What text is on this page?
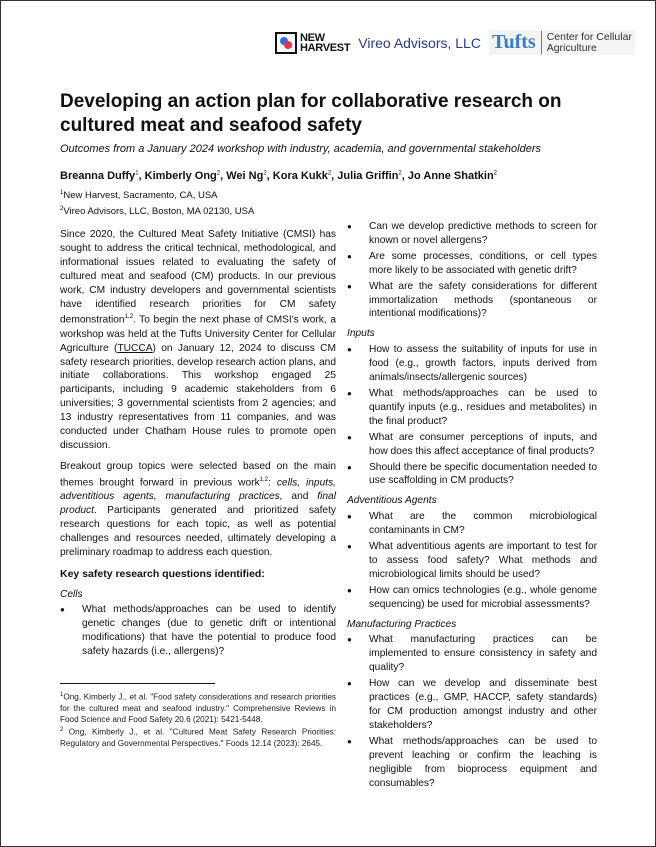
NEW
HARVEST Vireo Advisors, LLC Tufts	Center for Cellular
Agriculture
Developing an action plan for collaborative research on cultured meat and seafood safety
Outcomes from a January 2024 workshop with industry, academia, and governmental stakeholders
Breanna Duffy$^1$, Kimberly Ong$^2$, Wei Ng$^2$, Kora Kukk$^2$, Julia Griffin$^2$, Jo Anne Shatkin$^2$
$^1$New Harvest, Sacramento, CA, USA
$^2$Vireo Advisors, LLC, Boston, MA 02130, USA

Since 2020, the Cultured Meat Safety Initiative (CMSI) has sought to address the critical technical, methodological, and informational issues related to evaluating the safety of cultured meat and seafood (CM) products. In our previous work, CM industry developers and governmental scientists have identified research priorities for CM safety demonstration$^{1,2}$. To begin the next phase of CMSI's work, a workshop was held at the Tufts University Center for Cellular Agriculture (TUCCA) on January 12, 2024 to discuss CM safety research priorities, develop research action plans, and initiate collaborations. This workshop engaged 25 participants, including 9 academic stakeholders from 6 universities; 3 governmental scientists from 2 agencies; and 13 industry representatives from 11 companies, and was conducted under Chatham House rules to promote open discussion.

Breakout group topics were selected based on the main themes brought forward in previous work$^{1,2}$: cells, inputs, adventitious agents, manufacturing practices, and final product. Participants generated and prioritized safety research questions for each topic, as well as potential challenges and resources needed, ultimately developing a preliminary roadmap to address each question.

Key safety research questions identified:
Cells
● What methods/approaches can be used to identify genetic changes (due to genetic drift or intentional modifications) that have the potential to produce food safety hazards (i.e., allergens)?
$^1$Ong, Kimberly J., et al. "Food safety considerations and research priorities for the cultured meat and seafood industry." Comprehensive Reviews in Food Science and Food Safety 20.6 (2021): 5421-5448.
$^2$ Ong, Kimberly J., et al. "Cultured Meat Safety Research Priorities: Regulatory and Governmental Perspectives." Foods 12.14 (2023): 2645.
● Can we develop predictive methods to screen for known or novel allergens?
● Are some processes, conditions, or cell types more likely to be associated with genetic drift?
● What are the safety considerations for different immortalization methods (spontaneous or intentional modifications)?
Inputs
● How to assess the suitability of inputs for use in food (e.g., growth factors, inputs derived from animals/insects/allergenic sources)
● What methods/approaches can be used to quantify inputs (e.g., residues and metabolites) in the final product?
● What are consumer perceptions of inputs, and how does this affect acceptance of final products?
● Should there be specific documentation needed to use scaffolding in CM products?
Adventitious Agents
● What are the common microbiological contaminants in CM?
● What adventitious agents are important to test for to assess food safety? What methods and microbiological limits should be used?
● How can omics technologies (e.g., whole genome sequencing) be used for microbial assessments?
Manufacturing Practices
● What manufacturing practices can be implemented to ensure consistency in safety and quality?
● How can we develop and disseminate best practices (e.g., GMP, HACCP, safety standards) for CM production amongst industry and other stakeholders?
● What methods/approaches can be used to prevent leaching or confirm the leaching is negligible from bioprocess equipment and consumables?
